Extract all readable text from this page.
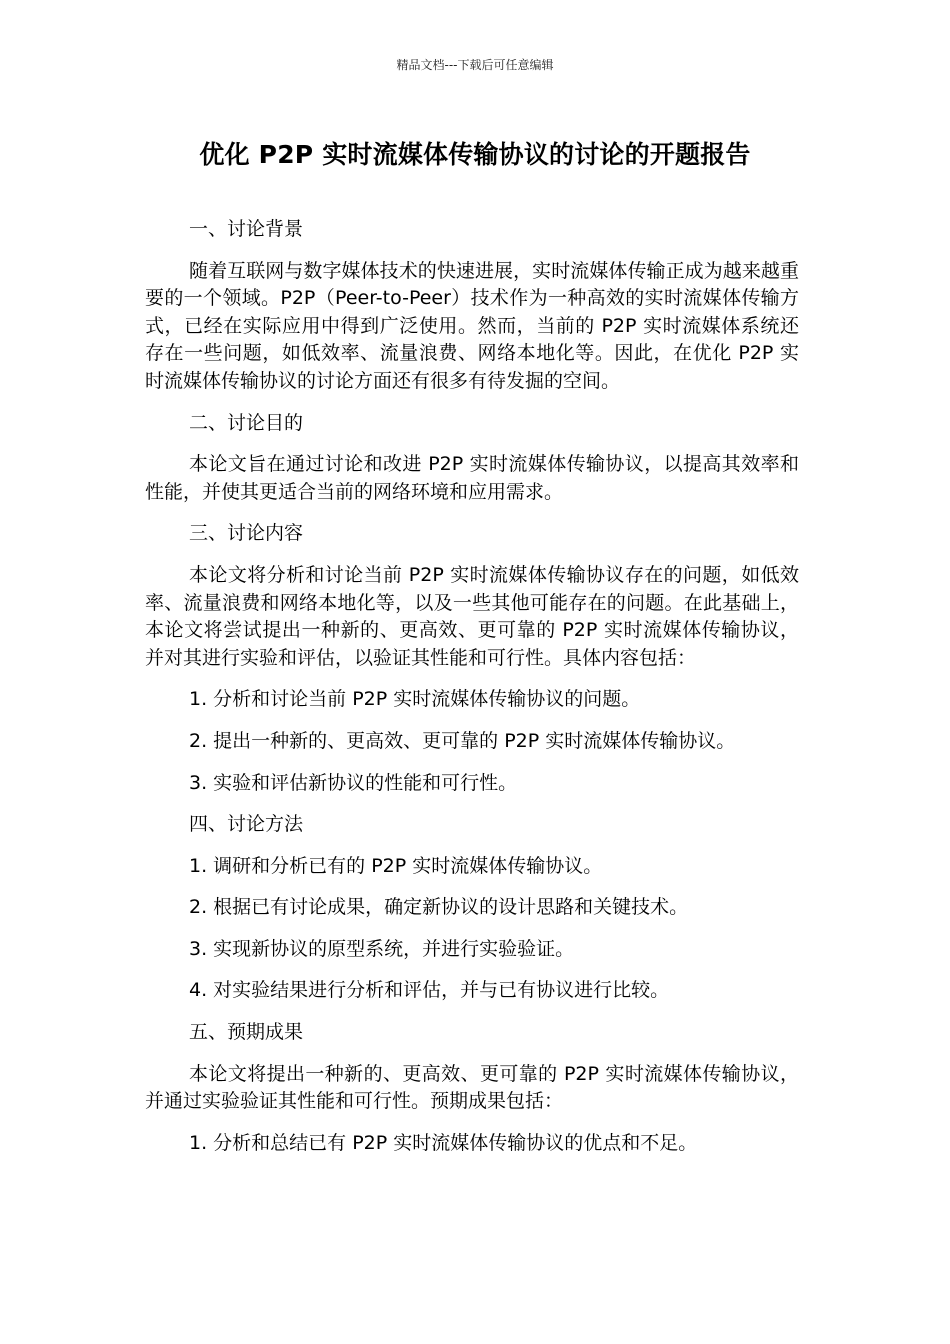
精品文档---下载后可任意编辑
优化 P2P 实时流媒体传输协议的讨论的开题报告

一、讨论背景

随着互联网与数字媒体技术的快速进展，实时流媒体传输正成为越来越重要的一个领域。P2P（Peer-to-Peer）技术作为一种高效的实时流媒体传输方式，已经在实际应用中得到广泛使用。然而，当前的 P2P 实时流媒体系统还存在一些问题，如低效率、流量浪费、网络本地化等。因此，在优化 P2P 实时流媒体传输协议的讨论方面还有很多有待发掘的空间。

二、讨论目的

本论文旨在通过讨论和改进 P2P 实时流媒体传输协议，以提高其效率和性能，并使其更适合当前的网络环境和应用需求。

三、讨论内容

本论文将分析和讨论当前 P2P 实时流媒体传输协议存在的问题，如低效率、流量浪费和网络本地化等，以及一些其他可能存在的问题。在此基础上，本论文将尝试提出一种新的、更高效、更可靠的 P2P 实时流媒体传输协议，并对其进行实验和评估，以验证其性能和可行性。具体内容包括：

1. 分析和讨论当前 P2P 实时流媒体传输协议的问题。

2. 提出一种新的、更高效、更可靠的 P2P 实时流媒体传输协议。

3. 实验和评估新协议的性能和可行性。

四、讨论方法

1. 调研和分析已有的 P2P 实时流媒体传输协议。

2. 根据已有讨论成果，确定新协议的设计思路和关键技术。

3. 实现新协议的原型系统，并进行实验验证。

4. 对实验结果进行分析和评估，并与已有协议进行比较。

五、预期成果

本论文将提出一种新的、更高效、更可靠的 P2P 实时流媒体传输协议，并通过实验验证其性能和可行性。预期成果包括：

1. 分析和总结已有 P2P 实时流媒体传输协议的优点和不足。
